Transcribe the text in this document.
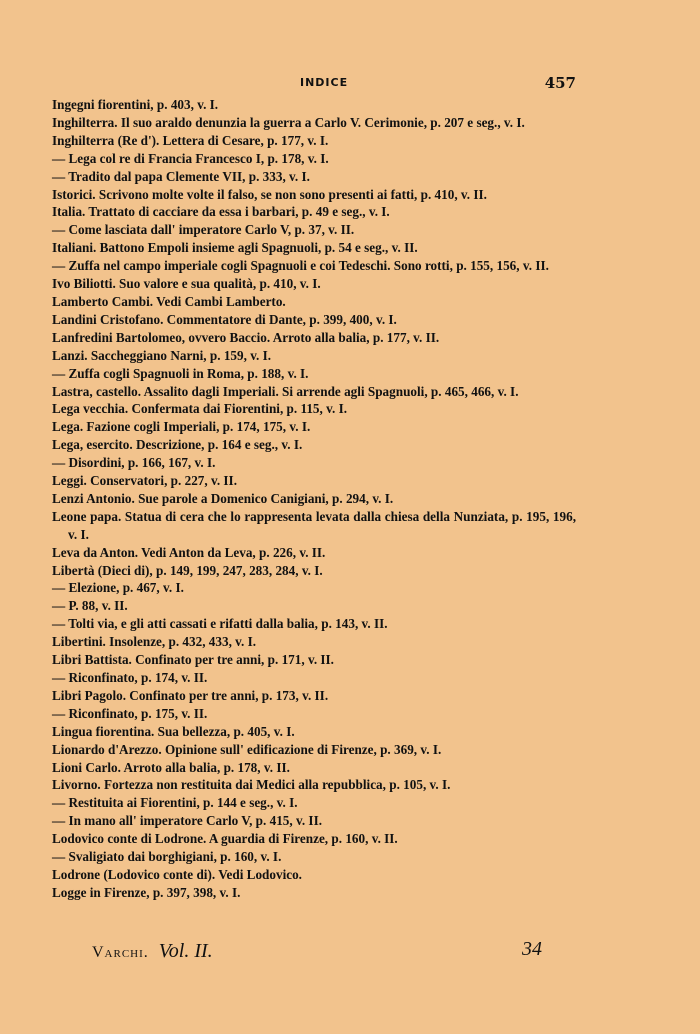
INDICE	457
Ingegni fiorentini, p. 403, v. I.
Inghilterra. Il suo araldo denunzia la guerra a Carlo V. Cerimonie, p. 207 e seg., v. I.
Inghilterra (Re d'). Lettera di Cesare, p. 177, v. I.
— Lega col re di Francia Francesco I, p. 178, v. I.
— Tradito dal papa Clemente VII, p. 333, v. I.
Istorici. Scrivono molte volte il falso, se non sono presenti ai fatti, p. 410, v. II.
Italia. Trattato di cacciare da essa i barbari, p. 49 e seg., v. I.
— Come lasciata dall' imperatore Carlo V, p. 37, v. II.
Italiani. Battono Empoli insieme agli Spagnuoli, p. 54 e seg., v. II.
— Zuffa nel campo imperiale cogli Spagnuoli e coi Tedeschi. Sono rotti, p. 155, 156, v. II.
Ivo Biliotti. Suo valore e sua qualità, p. 410, v. I.
Lamberto Cambi. Vedi Cambi Lamberto.
Landini Cristofano. Commentatore di Dante, p. 399, 400, v. I.
Lanfredini Bartolomeo, ovvero Baccio. Arroto alla balia, p. 177, v. II.
Lanzi. Saccheggiano Narni, p. 159, v. I.
— Zuffa cogli Spagnuoli in Roma, p. 188, v. I.
Lastra, castello. Assalito dagli Imperiali. Si arrende agli Spagnuoli, p. 465, 466, v. I.
Lega vecchia. Confermata dai Fiorentini, p. 115, v. I.
Lega. Fazione cogli Imperiali, p. 174, 175, v. I.
Lega, esercito. Descrizione, p. 164 e seg., v. I.
— Disordini, p. 166, 167, v. I.
Leggi. Conservatori, p. 227, v. II.
Lenzi Antonio. Sue parole a Domenico Canigiani, p. 294, v. I.
Leone papa. Statua di cera che lo rappresenta levata dalla chiesa della Nunziata, p. 195, 196, v. I.
Leva da Anton. Vedi Anton da Leva, p. 226, v. II.
Libertà (Dieci di), p. 149, 199, 247, 283, 284, v. I.
— Elezione, p. 467, v. I.
— P. 88, v. II.
— Tolti via, e gli atti cassati e rifatti dalla balia, p. 143, v. II.
Libertini. Insolenze, p. 432, 433, v. I.
Libri Battista. Confinato per tre anni, p. 171, v. II.
— Riconfinato, p. 174, v. II.
Libri Pagolo. Confinato per tre anni, p. 173, v. II.
— Riconfinato, p. 175, v. II.
Lingua fiorentina. Sua bellezza, p. 405, v. I.
Lionardo d'Arezzo. Opinione sull' edificazione di Firenze, p. 369, v. I.
Lioni Carlo. Arroto alla balia, p. 178, v. II.
Livorno. Fortezza non restituita dai Medici alla repubblica, p. 105, v. I.
— Restituita ai Fiorentini, p. 144 e seg., v. I.
— In mano all' imperatore Carlo V, p. 415, v. II.
Lodovico conte di Lodrone. A guardia di Firenze, p. 160, v. II.
— Svaligiato dai borghigiani, p. 160, v. I.
Lodrone (Lodovico conte di). Vedi Lodovico.
Logge in Firenze, p. 397, 398, v. I.
Varchi. Vol. II.	34
